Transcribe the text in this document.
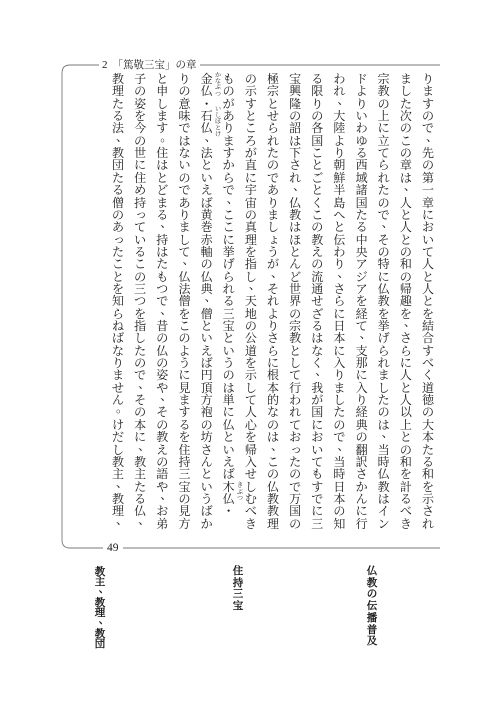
2 「篤敬三宝」の章
り
ま
す
の
で
、
先
の
第
一
章
に
お
い
て
人
と
人
と
を
結
合
す
べ
く
道
徳
の
大
本
た
る
和
を
示
さ
れ
ま
し
た
次
の
こ
の
章
は
、
人
と
人
と
の
和
の
帰
趣
を
、
さ
ら
に
人
と
人
以
上
と
の
和
を
計
る
べ
き
宗
教
の
上
に
立
て
ら
れ
た
の
で
、
そ
の
特
に
仏
教
を
挙
げ
ら
れ
ま
し
た
の
は
、
当
時
仏
教
は
イ
ン
ド
よ
り
い
わ
ゆ
る
西
域
諸
国
た
る
中
央
ア
ジ
ア
を
経
て
、
支
那
に
入
り
経
典
の
翻
訳
さ
か
ん
に
行
わ
れ
、
大
陸
よ
り
朝
鮮
半
島
へ
と
伝
わ
り
、
さ
ら
に
日
本
に
入
り
ま
し
た
の
で
、
当
時
日
本
の
知
る
限
り
の
各
国
こ
と
ご
と
く
こ
の
教
え
の
流
通
せ
ざ
る
は
な
く
、
我
が
国
に
お
い
て
も
す
で
に
三
宝
興
隆
の
詔
は
下
さ
れ
、
仏
教
は
ほ
と
ん
ど
世
界
の
宗
教
と
し
て
行
わ
れ
て
お
っ
た
の
で
万
国
の
極
宗
と
せ
ら
れ
た
の
で
あ
り
ま
し
ょ
う
が
、
そ
れ
よ
り
さ
ら
に
根
本
的
な
の
は
、
こ
の
仏
教
教
理
の
示
す
と
こ
ろ
が
直
に
宇
宙
の
真
理
を
指
し
、
天
地
の
公
道
を
示
し
て
人
心
を
帰
入
せ
し
む
べ
き
も
の
が
あ
り
ま
す
か
ら
で
、
こ
こ
に
挙
げ
ら
れ
る
三
宝
と
い
う
の
は
単
に
仏
と
い
え
ば
木
仏
・
金
仏
・
石
仏
、
法
と
い
え
ば
黄
巻
赤
軸
の
仏
典
、
僧
と
い
え
ば
円
頂
方
袍
の
坊
さ
ん
と
い
う
ば
か
り
の
意
味
で
は
な
い
の
で
あ
り
ま
し
て
、
仏
法
僧
を
こ
の
よ
う
に
見
ま
す
る
を
住
持
三
宝
の
見
方
と
申
し
ま
す
。
住
は
と
ど
ま
る
、
持
は
た
も
つ
で
、
昔
の
仏
の
姿
や
、
そ
の
教
え
の
語
や
、
お
弟
子
の
姿
を
今
の
世
に
住
め
持
っ
て
い
る
こ
の
三
つ
を
指
し
た
の
で
、
そ
の
本
に
、
教
主
た
る
仏
、
教
理
た
る
法
、
教
団
た
る
僧
の
あ
っ
た
こ
と
を
知
ら
ね
ば
な
り
ま
せ
ん
。
け
だ
し
教
主
、
教
理
、
49
仏
教
の
伝
播
普
及
住
持
三
宝
教
主
、
教
理
、
教
団
き
ぶ
つ
か
な
ぶ
つ
い
し
ぼ
と
け
